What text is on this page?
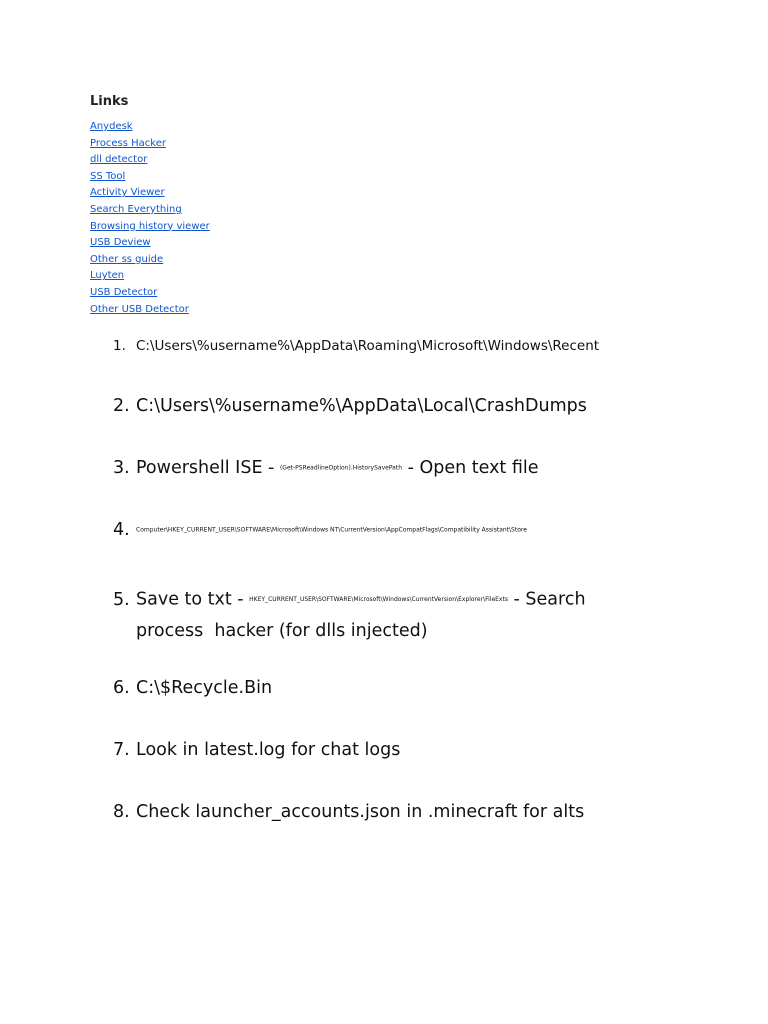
Links
Anydesk
Process Hacker
dll detector
SS Tool
Activity Viewer
Search Everything
Browsing history viewer
USB Deview
Other ss guide
Luyten
USB Detector
Other USB Detector
1. C:\Users\%username%\AppData\Roaming\Microsoft\Windows\Recent
2. C:\Users\%username%\AppData\Local\CrashDumps
3. Powershell ISE - (Get-PSReadlineOption).HistorySavePath - Open text file
4. Computer\HKEY_CURRENT_USER\SOFTWARE\Microsoft\Windows NT\CurrentVersion\AppCompatFlags\Compatibility Assistant\Store
5. Save to txt - HKEY_CURRENT_USER\SOFTWARE\Microsoft\Windows\CurrentVersion\Explorer\FileExts - Search
process  hacker (for dlls injected)
6. C:\$Recycle.Bin
7. Look in latest.log for chat logs
8. Check launcher_accounts.json in .minecraft for alts
